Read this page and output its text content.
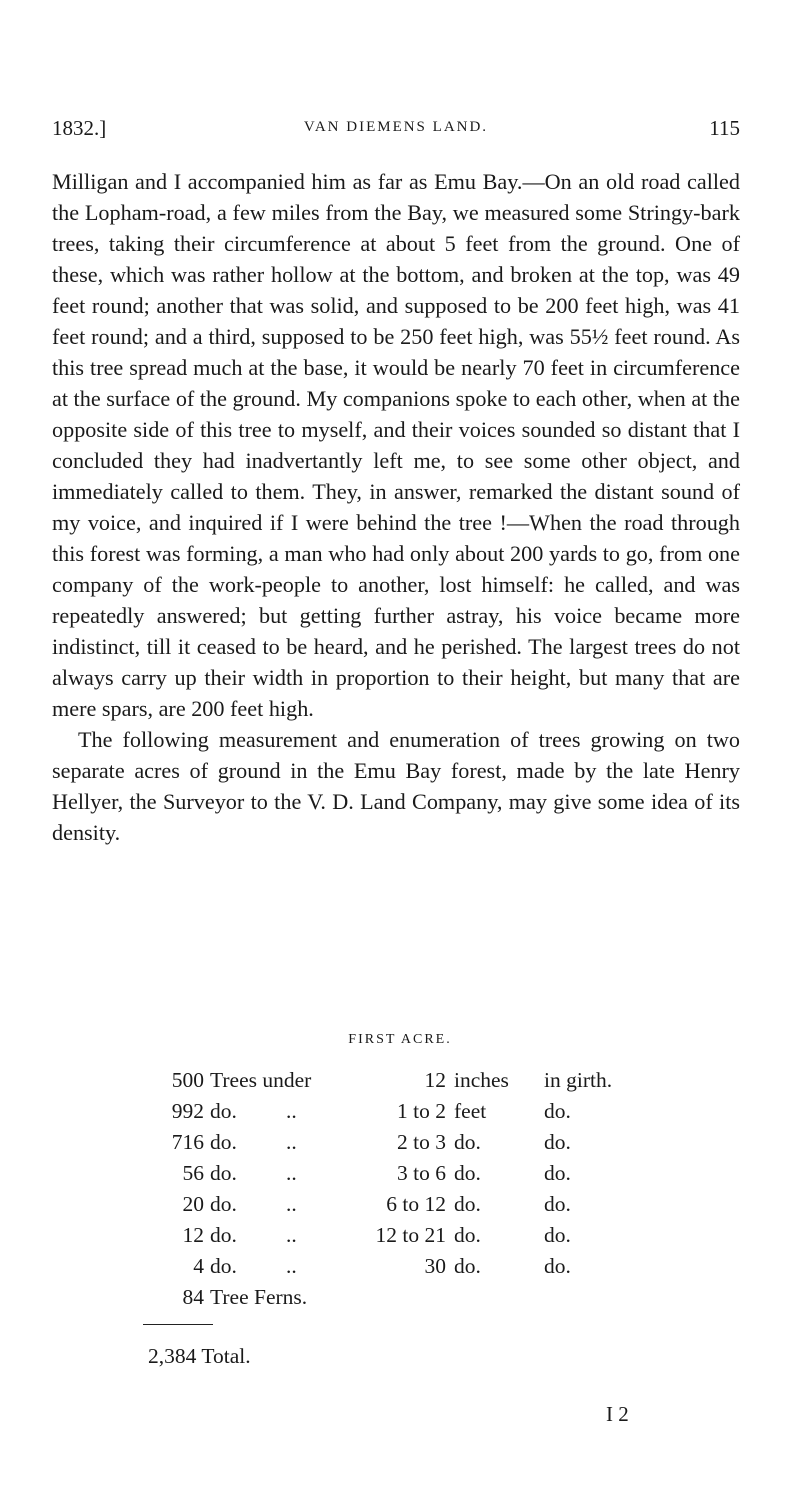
1832.]	VAN DIEMENS LAND.	115

Milligan and I accompanied him as far as Emu Bay.—On an old road called the Lopham-road, a few miles from the Bay, we measured some Stringy-bark trees, taking their circumference at about 5 feet from the ground. One of these, which was rather hollow at the bottom, and broken at the top, was 49 feet round; another that was solid, and supposed to be 200 feet high, was 41 feet round; and a third, supposed to be 250 feet high, was 55½ feet round. As this tree spread much at the base, it would be nearly 70 feet in circumference at the surface of the ground. My companions spoke to each other, when at the opposite side of this tree to myself, and their voices sounded so distant that I concluded they had inadvertantly left me, to see some other object, and immediately called to them. They, in answer, remarked the distant sound of my voice, and inquired if I were behind the tree !—When the road through this forest was forming, a man who had only about 200 yards to go, from one company of the work-people to another, lost himself: he called, and was repeatedly answered; but getting further astray, his voice became more indistinct, till it ceased to be heard, and he perished. The largest trees do not always carry up their width in proportion to their height, but many that are mere spars, are 200 feet high.

The following measurement and enumeration of trees growing on two separate acres of ground in the Emu Bay forest, made by the late Henry Hellyer, the Surveyor to the V. D. Land Company, may give some idea of its density.

FIRST ACRE.
500 Trees under	12 inches in girth.
992 do. ..	1 to 2 feet	do.
716 do. ..	2 to 3 do.	do.
56 do. ..	3 to 6 do.	do.
20 do. ..	6 to 12 do.	do.
12 do. ..	12 to 21 do.	do.
4 do. ..	30 do.	do.
84 Tree Ferns.
2,384 Total.
I 2
